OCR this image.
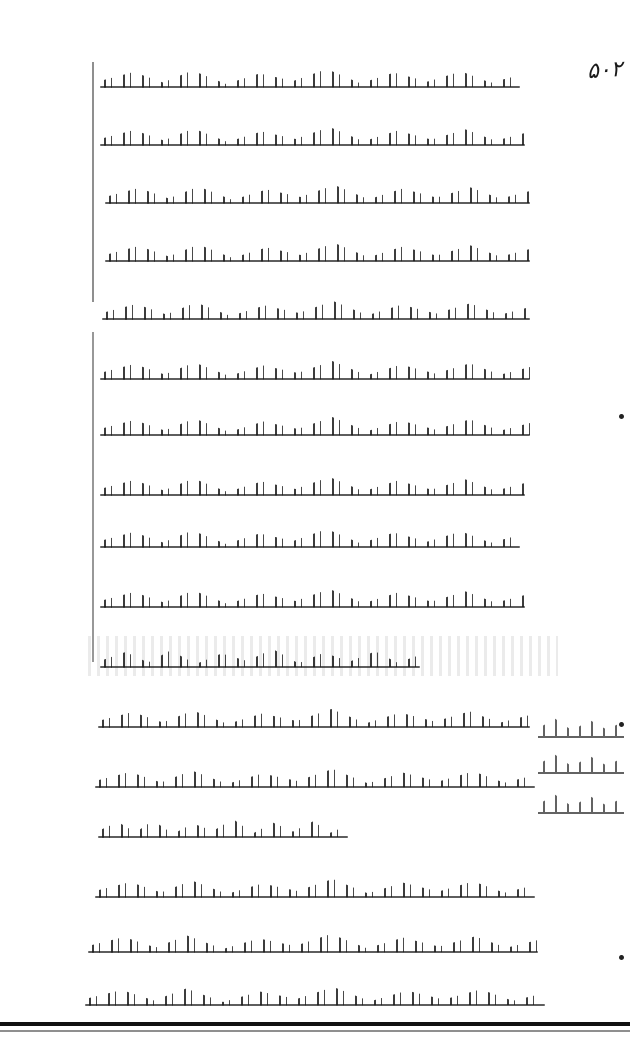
۵۰۲
